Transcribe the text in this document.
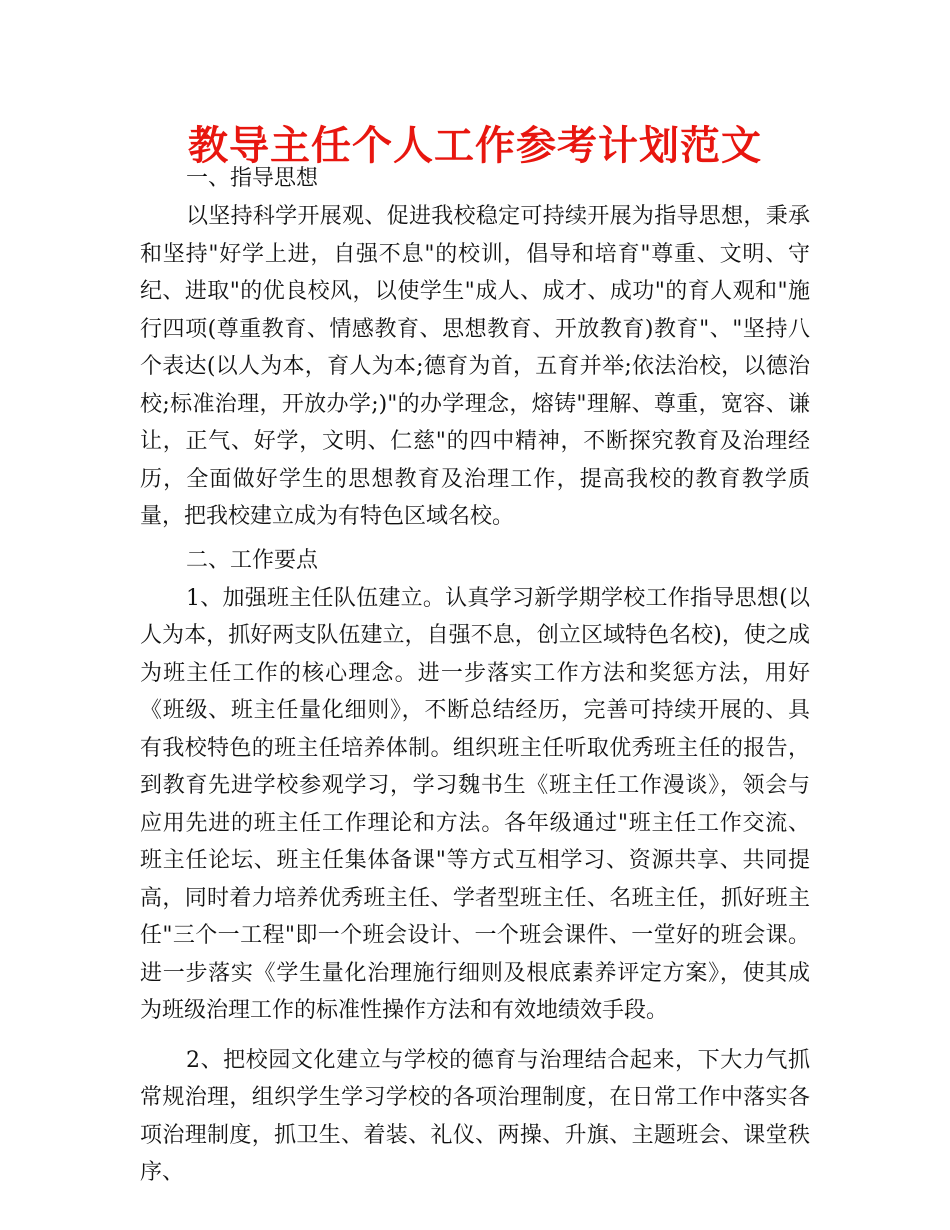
教导主任个人工作参考计划范文

一、指导思想

以坚持科学开展观、促进我校稳定可持续开展为指导思想，秉承和坚持"好学上进，自强不息"的校训，倡导和培育"尊重、文明、守纪、进取"的优良校风，以使学生"成人、成才、成功"的育人观和"施行四项(尊重教育、情感教育、思想教育、开放教育)教育"、"坚持八个表达(以人为本，育人为本;德育为首，五育并举;依法治校，以德治校;标准治理，开放办学;)"的办学理念，熔铸"理解、尊重，宽容、谦让，正气、好学，文明、仁慈"的四中精神，不断探究教育及治理经历，全面做好学生的思想教育及治理工作，提高我校的教育教学质量，把我校建立成为有特色区域名校。

二、工作要点

1、加强班主任队伍建立。认真学习新学期学校工作指导思想(以人为本，抓好两支队伍建立，自强不息，创立区域特色名校)，使之成为班主任工作的核心理念。进一步落实工作方法和奖惩方法，用好《班级、班主任量化细则》，不断总结经历，完善可持续开展的、具有我校特色的班主任培养体制。组织班主任听取优秀班主任的报告，到教育先进学校参观学习，学习魏书生《班主任工作漫谈》，领会与应用先进的班主任工作理论和方法。各年级通过"班主任工作交流、班主任论坛、班主任集体备课"等方式互相学习、资源共享、共同提高，同时着力培养优秀班主任、学者型班主任、名班主任，抓好班主任"三个一工程"即一个班会设计、一个班会课件、一堂好的班会课。进一步落实《学生量化治理施行细则及根底素养评定方案》，使其成为班级治理工作的标准性操作方法和有效地绩效手段。

2、把校园文化建立与学校的德育与治理结合起来，下大力气抓常规治理，组织学生学习学校的各项治理制度，在日常工作中落实各项治理制度，抓卫生、着装、礼仪、两操、升旗、主题班会、课堂秩序、
